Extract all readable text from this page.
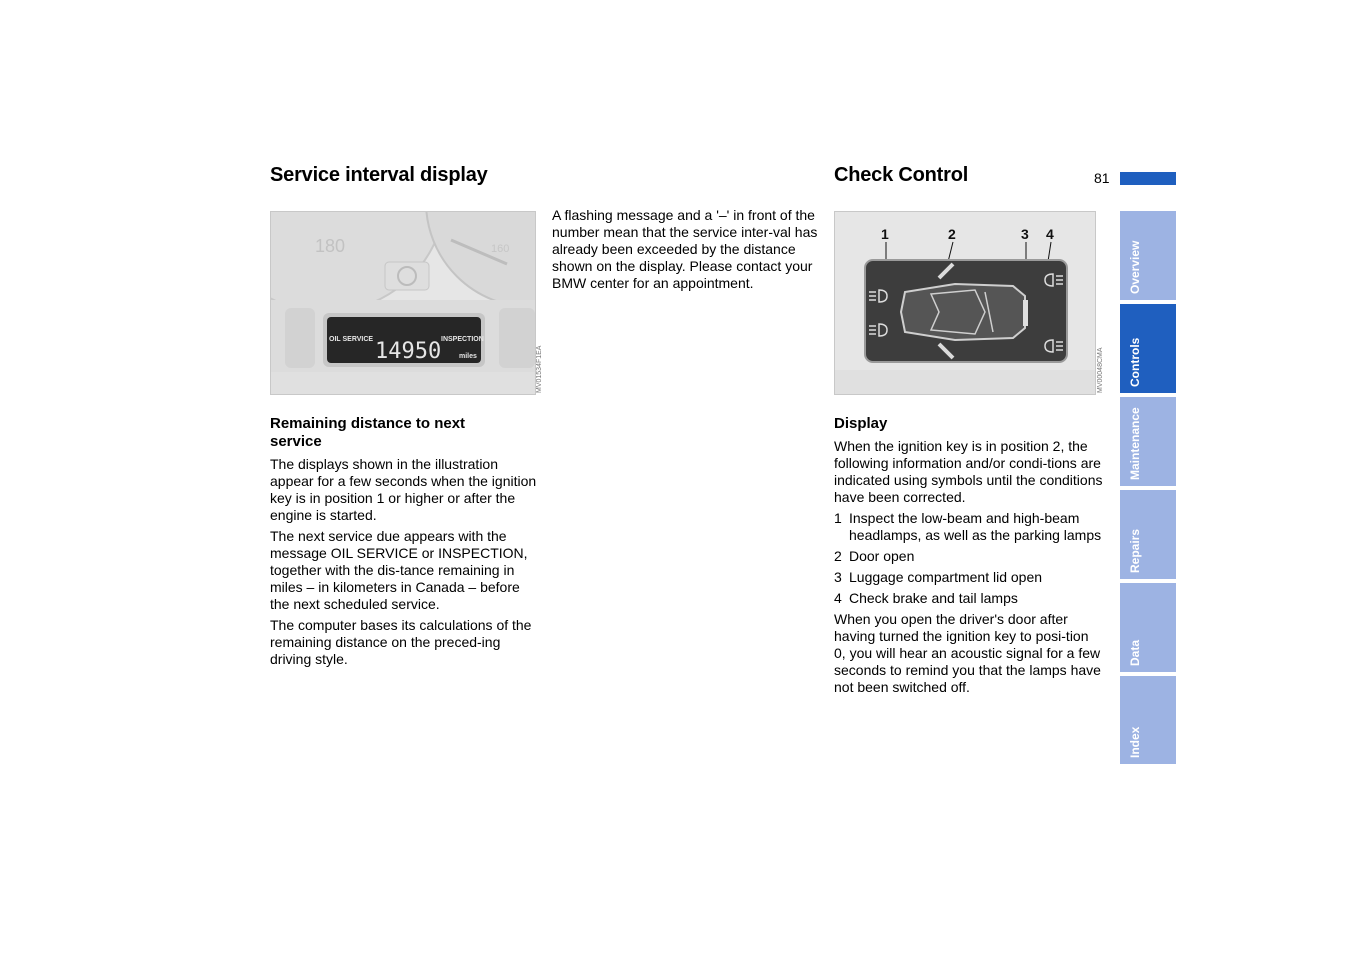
Service interval display	Check Control	81
180	160
OIL SERVICE	INSPECTION
14950	miles	MV01534F1EA
Remaining distance to next service

The displays shown in the illustration appear for a few seconds when the ignition key is in position 1 or higher or after the engine is started.

The next service due appears with the message OIL SERVICE or INSPECTION, together with the dis-tance remaining in miles – in kilometers in Canada – before the next scheduled service.

The computer bases its calculations of the remaining distance on the preced-ing driving style.

A flashing message and a '–' in front of the number mean that the service inter-val has already been exceeded by the distance shown on the display. Please contact your BMW center for an appointment.

1	2	3 4
MV00048CMA
Display

When the ignition key is in position 2, the following information and/or condi-tions are indicated using symbols until the conditions have been corrected.

1 Inspect the low-beam and high-beam headlamps, as well as the parking lamps
2 Door open
3 Luggage compartment lid open
4 Check brake and tail lamps

When you open the driver's door after having turned the ignition key to posi-tion 0, you will hear an acoustic signal for a few seconds to remind you that the lamps have not been switched off.

Overview
Controls
Maintenance
Repairs
Data
Index
